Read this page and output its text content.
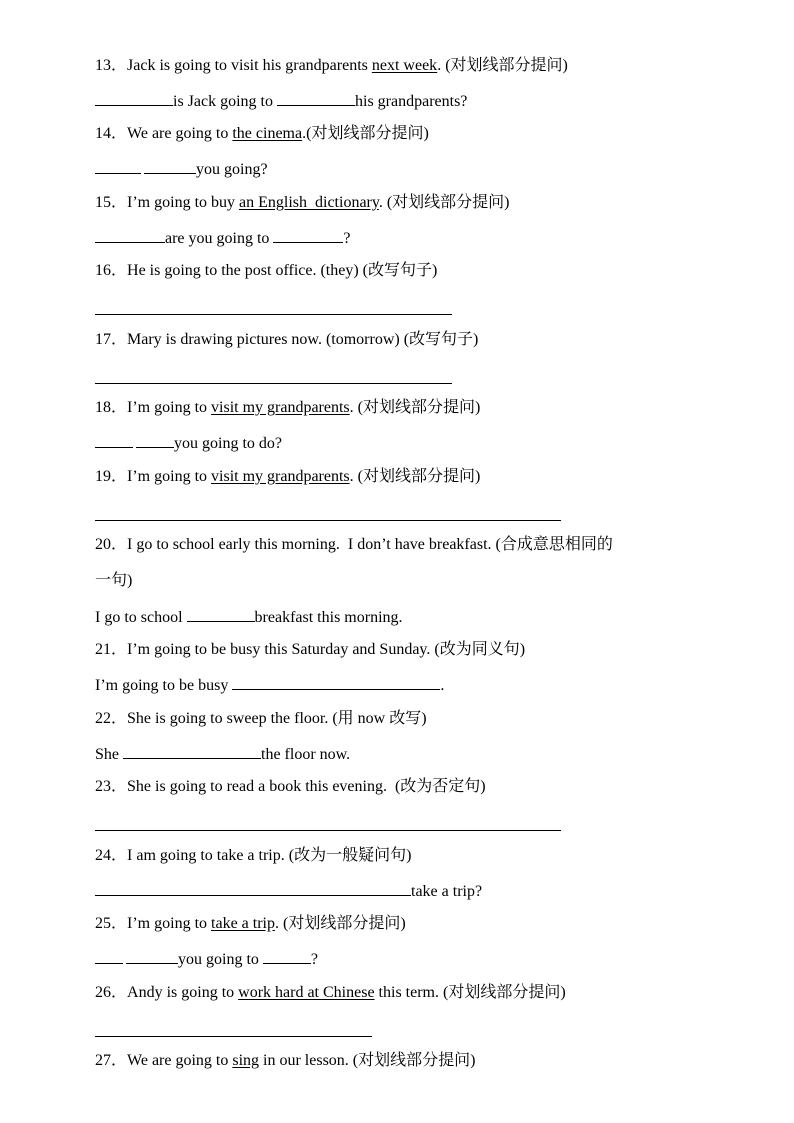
13．Jack is going to visit his grandparents next week. (对划线部分提问)
is Jack going to	his grandparents?
14．We are going to the cinema.(对划线部分提问)
you going?
15．I’m going to buy an English  dictionary. (对划线部分提问)
are you going to	?
16．He is going to the post office. (they) (改写句子)
17．Mary is drawing pictures now. (tomorrow) (改写句子)
18．I’m going to visit my grandparents. (对划线部分提问)
you going to do?
19．I’m going to visit my grandparents. (对划线部分提问)
20．I go to school early this morning.  I don’t have breakfast. (合成意思相同的
一句)
I go to school	breakfast this morning.
21．I’m going to be busy this Saturday and Sunday. (改为同义句)
I’m going to be busy	.
22．She is going to sweep the floor. (用 now 改写)
She	the floor now.
23．She is going to read a book this evening.  (改为否定句)
24．I am going to take a trip. (改为一般疑问句)
take a trip?
25．I’m going to take a trip. (对划线部分提问)
you going to	?
26．Andy is going to work hard at Chinese this term. (对划线部分提问)
27．We are going to sing in our lesson. (对划线部分提问)
